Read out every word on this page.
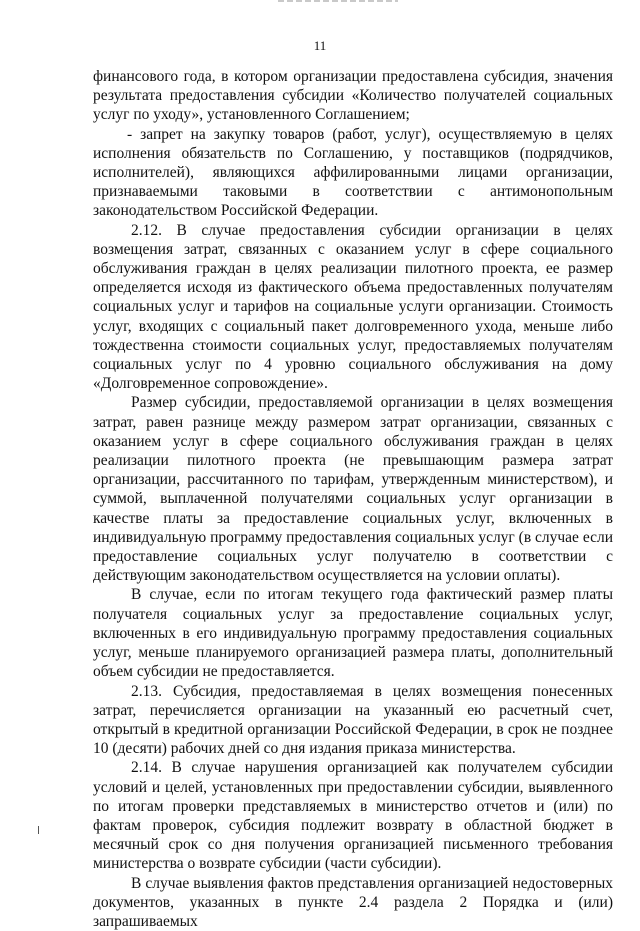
11

финансового года, в котором организации предоставлена субсидия, значения результата предоставления субсидии «Количество получателей социальных услуг по уходу», установленного Соглашением;

- запрет на закупку товаров (работ, услуг), осуществляемую в целях исполнения обязательств по Соглашению, у поставщиков (подрядчиков, исполнителей), являющихся аффилированными лицами организации, признаваемыми таковыми в соответствии с антимонопольным законодательством Российской Федерации.

2.12. В случае предоставления субсидии организации в целях возмещения затрат, связанных с оказанием услуг в сфере социального обслуживания граждан в целях реализации пилотного проекта, ее размер определяется исходя из фактического объема предоставленных получателям социальных услуг и тарифов на социальные услуги организации. Стоимость услуг, входящих с социальный пакет долговременного ухода, меньше либо тождественна стоимости социальных услуг, предоставляемых получателям социальных услуг по 4 уровню социального обслуживания на дому «Долговременное сопровождение».

Размер субсидии, предоставляемой организации в целях возмещения затрат, равен разнице между размером затрат организации, связанных с оказанием услуг в сфере социального обслуживания граждан в целях реализации пилотного проекта (не превышающим размера затрат организации, рассчитанного по тарифам, утвержденным министерством), и суммой, выплаченной получателями социальных услуг организации в качестве платы за предоставление социальных услуг, включенных в индивидуальную программу предоставления социальных услуг (в случае если предоставление социальных услуг получателю в соответствии с действующим законодательством осуществляется на условии оплаты).

В случае, если по итогам текущего года фактический размер платы получателя социальных услуг за предоставление социальных услуг, включенных в его индивидуальную программу предоставления социальных услуг, меньше планируемого организацией размера платы, дополнительный объем субсидии не предоставляется.

2.13. Субсидия, предоставляемая в целях возмещения понесенных затрат, перечисляется организации на указанный ею расчетный счет, открытый в кредитной организации Российской Федерации, в срок не позднее 10 (десяти) рабочих дней со дня издания приказа министерства.

2.14. В случае нарушения организацией как получателем субсидии условий и целей, установленных при предоставлении субсидии, выявленного по итогам проверки представляемых в министерство отчетов и (или) по фактам проверок, субсидия подлежит возврату в областной бюджет в месячный срок со дня получения организацией письменного требования министерства о возврате субсидии (части субсидии).

В случае выявления фактов представления организацией недостоверных документов, указанных в пункте 2.4 раздела 2 Порядка и (или) запрашиваемых
